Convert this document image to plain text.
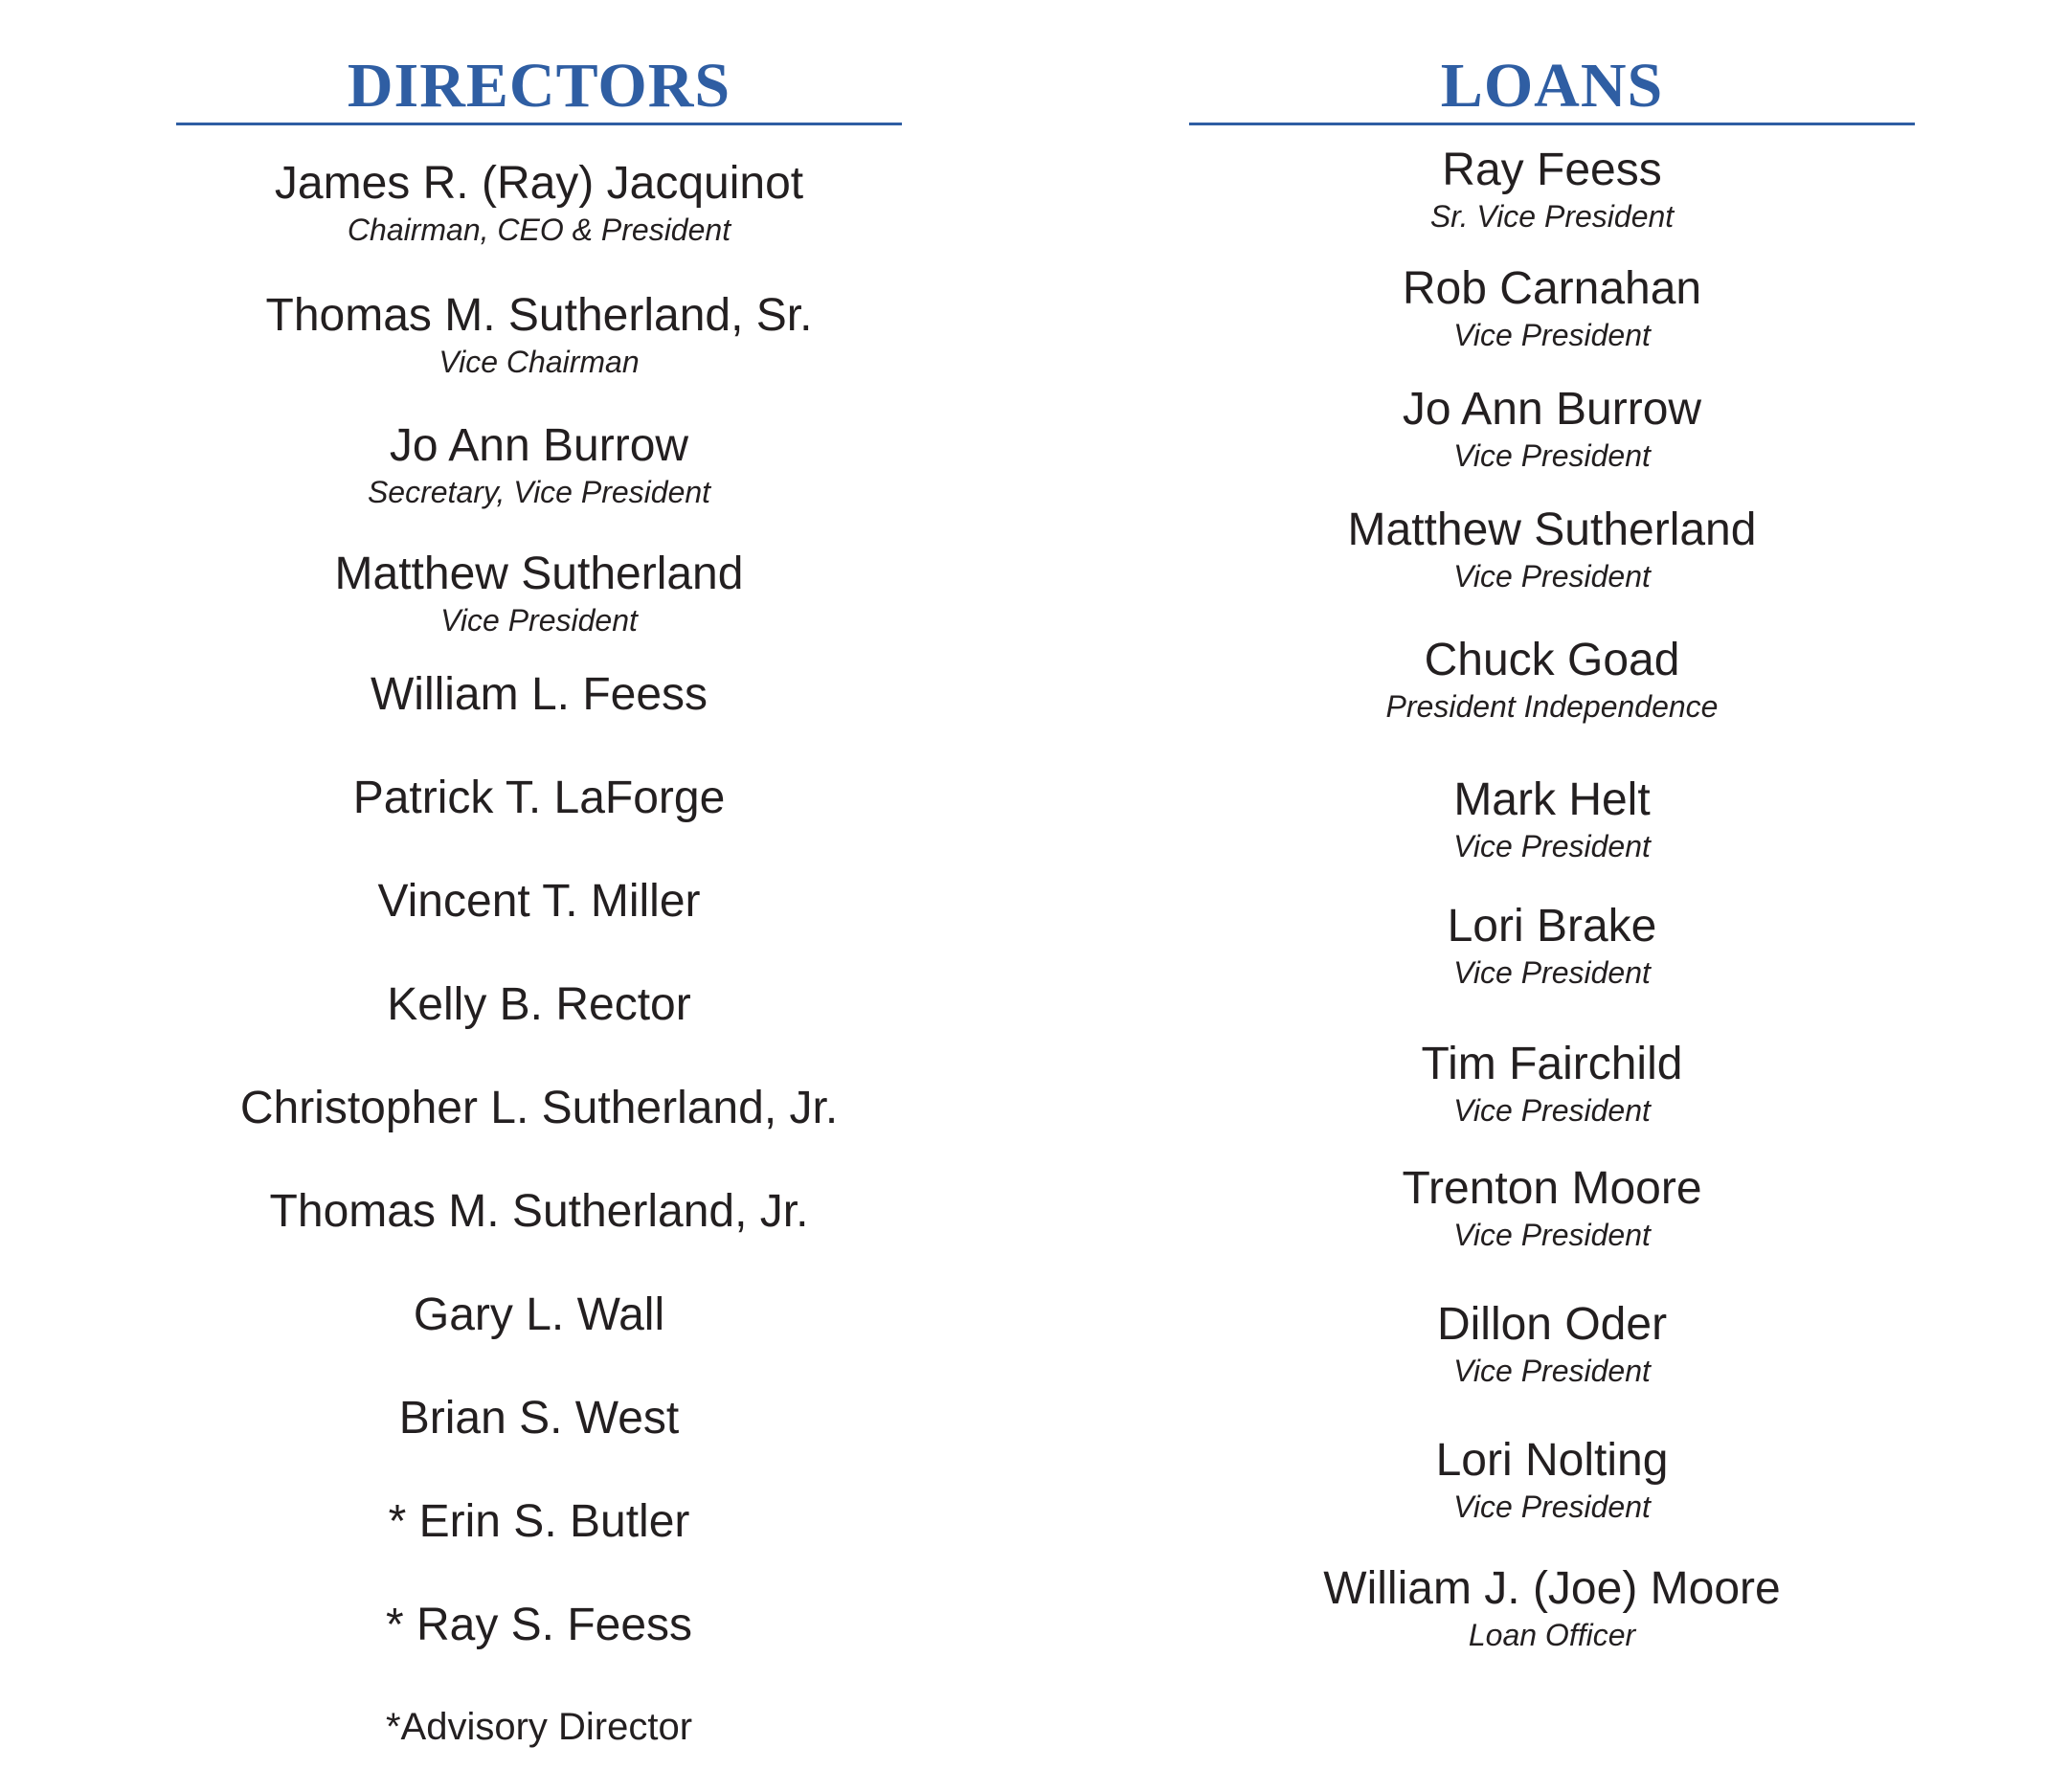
DIRECTORS
James R. (Ray) Jacquinot
Chairman, CEO & President
Thomas M. Sutherland, Sr.
Vice Chairman
Jo Ann Burrow
Secretary, Vice President
Matthew Sutherland
Vice President
William L. Feess
Patrick T. LaForge
Vincent T. Miller
Kelly B. Rector
Christopher L. Sutherland, Jr.
Thomas M. Sutherland, Jr.
Gary L. Wall
Brian S. West
* Erin S. Butler
* Ray S. Feess
*Advisory Director
LOANS
Ray Feess
Sr. Vice President
Rob Carnahan
Vice President
Jo Ann Burrow
Vice President
Matthew Sutherland
Vice President
Chuck Goad
President Independence
Mark Helt
Vice President
Lori Brake
Vice President
Tim Fairchild
Vice President
Trenton Moore
Vice President
Dillon Oder
Vice President
Lori Nolting
Vice President
William J. (Joe) Moore
Loan Officer
